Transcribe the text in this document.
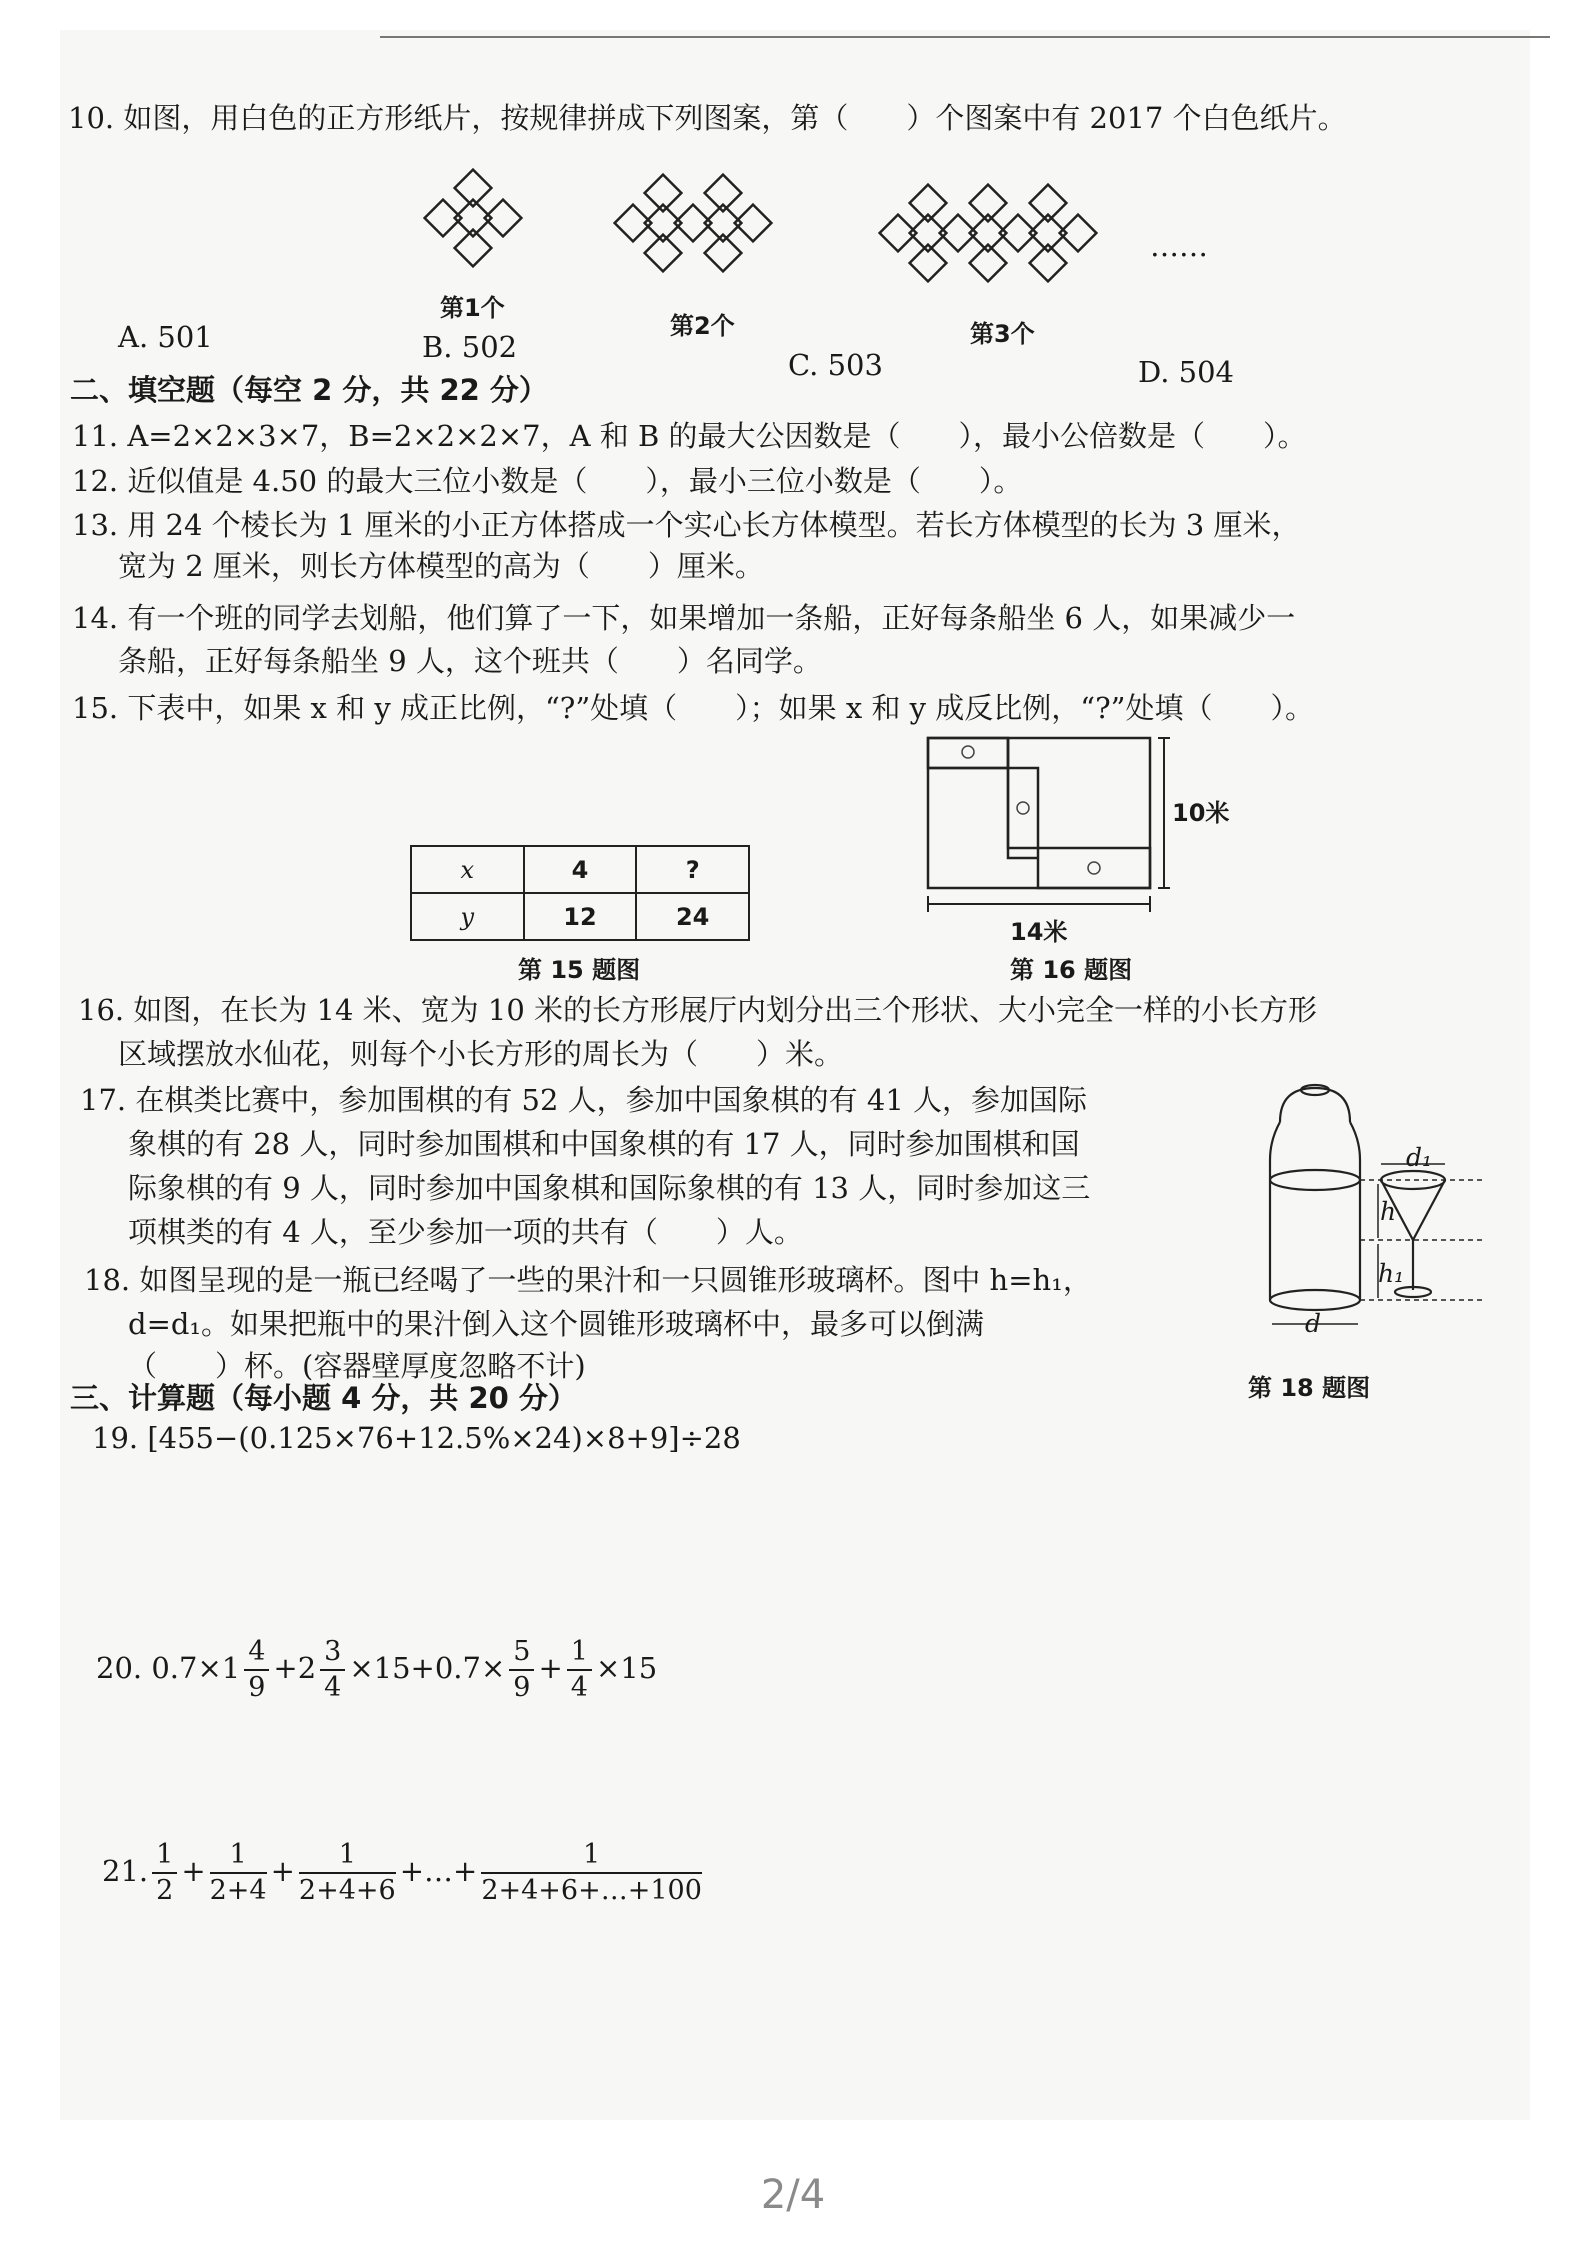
10. 如图，用白色的正方形纸片，按规律拼成下列图案，第（　　）个图案中有 2017 个白色纸片。
……
第1个
第2个	第3个
A. 501	B. 502
C. 503	D. 504
二、填空题（每空 2 分，共 22 分）
11. A=2×2×3×7，B=2×2×2×7，A 和 B 的最大公因数是（　　），最小公倍数是（　　）。
12. 近似值是 4.50 的最大三位小数是（　　），最小三位小数是（　　）。
13. 用 24 个棱长为 1 厘米的小正方体搭成一个实心长方体模型。若长方体模型的长为 3 厘米，
宽为 2 厘米，则长方体模型的高为（　　）厘米。
14. 有一个班的同学去划船，他们算了一下，如果增加一条船，正好每条船坐 6 人，如果减少一
条船，正好每条船坐 9 人，这个班共（　　）名同学。
15. 下表中，如果 x 和 y 成正比例，“?”处填（　　）；如果 x 和 y 成反比例，“?”处填（　　）。
x	4	?
y	12	24
第 15 题图
10米
14米
第 16 题图
16. 如图，在长为 14 米、宽为 10 米的长方形展厅内划分出三个形状、大小完全一样的小长方形
区域摆放水仙花，则每个小长方形的周长为（　　）米。
17. 在棋类比赛中，参加围棋的有 52 人，参加中国象棋的有 41 人，参加国际
象棋的有 28 人，同时参加围棋和中国象棋的有 17 人，同时参加围棋和国
际象棋的有 9 人，同时参加中国象棋和国际象棋的有 13 人，同时参加这三
项棋类的有 4 人，至少参加一项的共有（　　）人。
18. 如图呈现的是一瓶已经喝了一些的果汁和一只圆锥形玻璃杯。图中 h=h₁，
d=d₁。如果把瓶中的果汁倒入这个圆锥形玻璃杯中，最多可以倒满
（　　）杯。(容器壁厚度忽略不计)
d₁
h
h₁
d
第 18 题图
三、计算题（每小题 4 分，共 20 分）
19. [455−(0.125×76+12.5%×24)×8+9]÷28
20. $0.7\times 1 \frac{4}{9} +2 \frac{3}{4} \times 15+0.7\times \frac{5}{9} + \frac{1}{4} \times 15$
21. $\frac{1}{2} + \frac{1}{2+4} + \frac{1}{2+4+6}$ +…+ $\frac{1}{2+4+6+\dots+100}$
2/4
